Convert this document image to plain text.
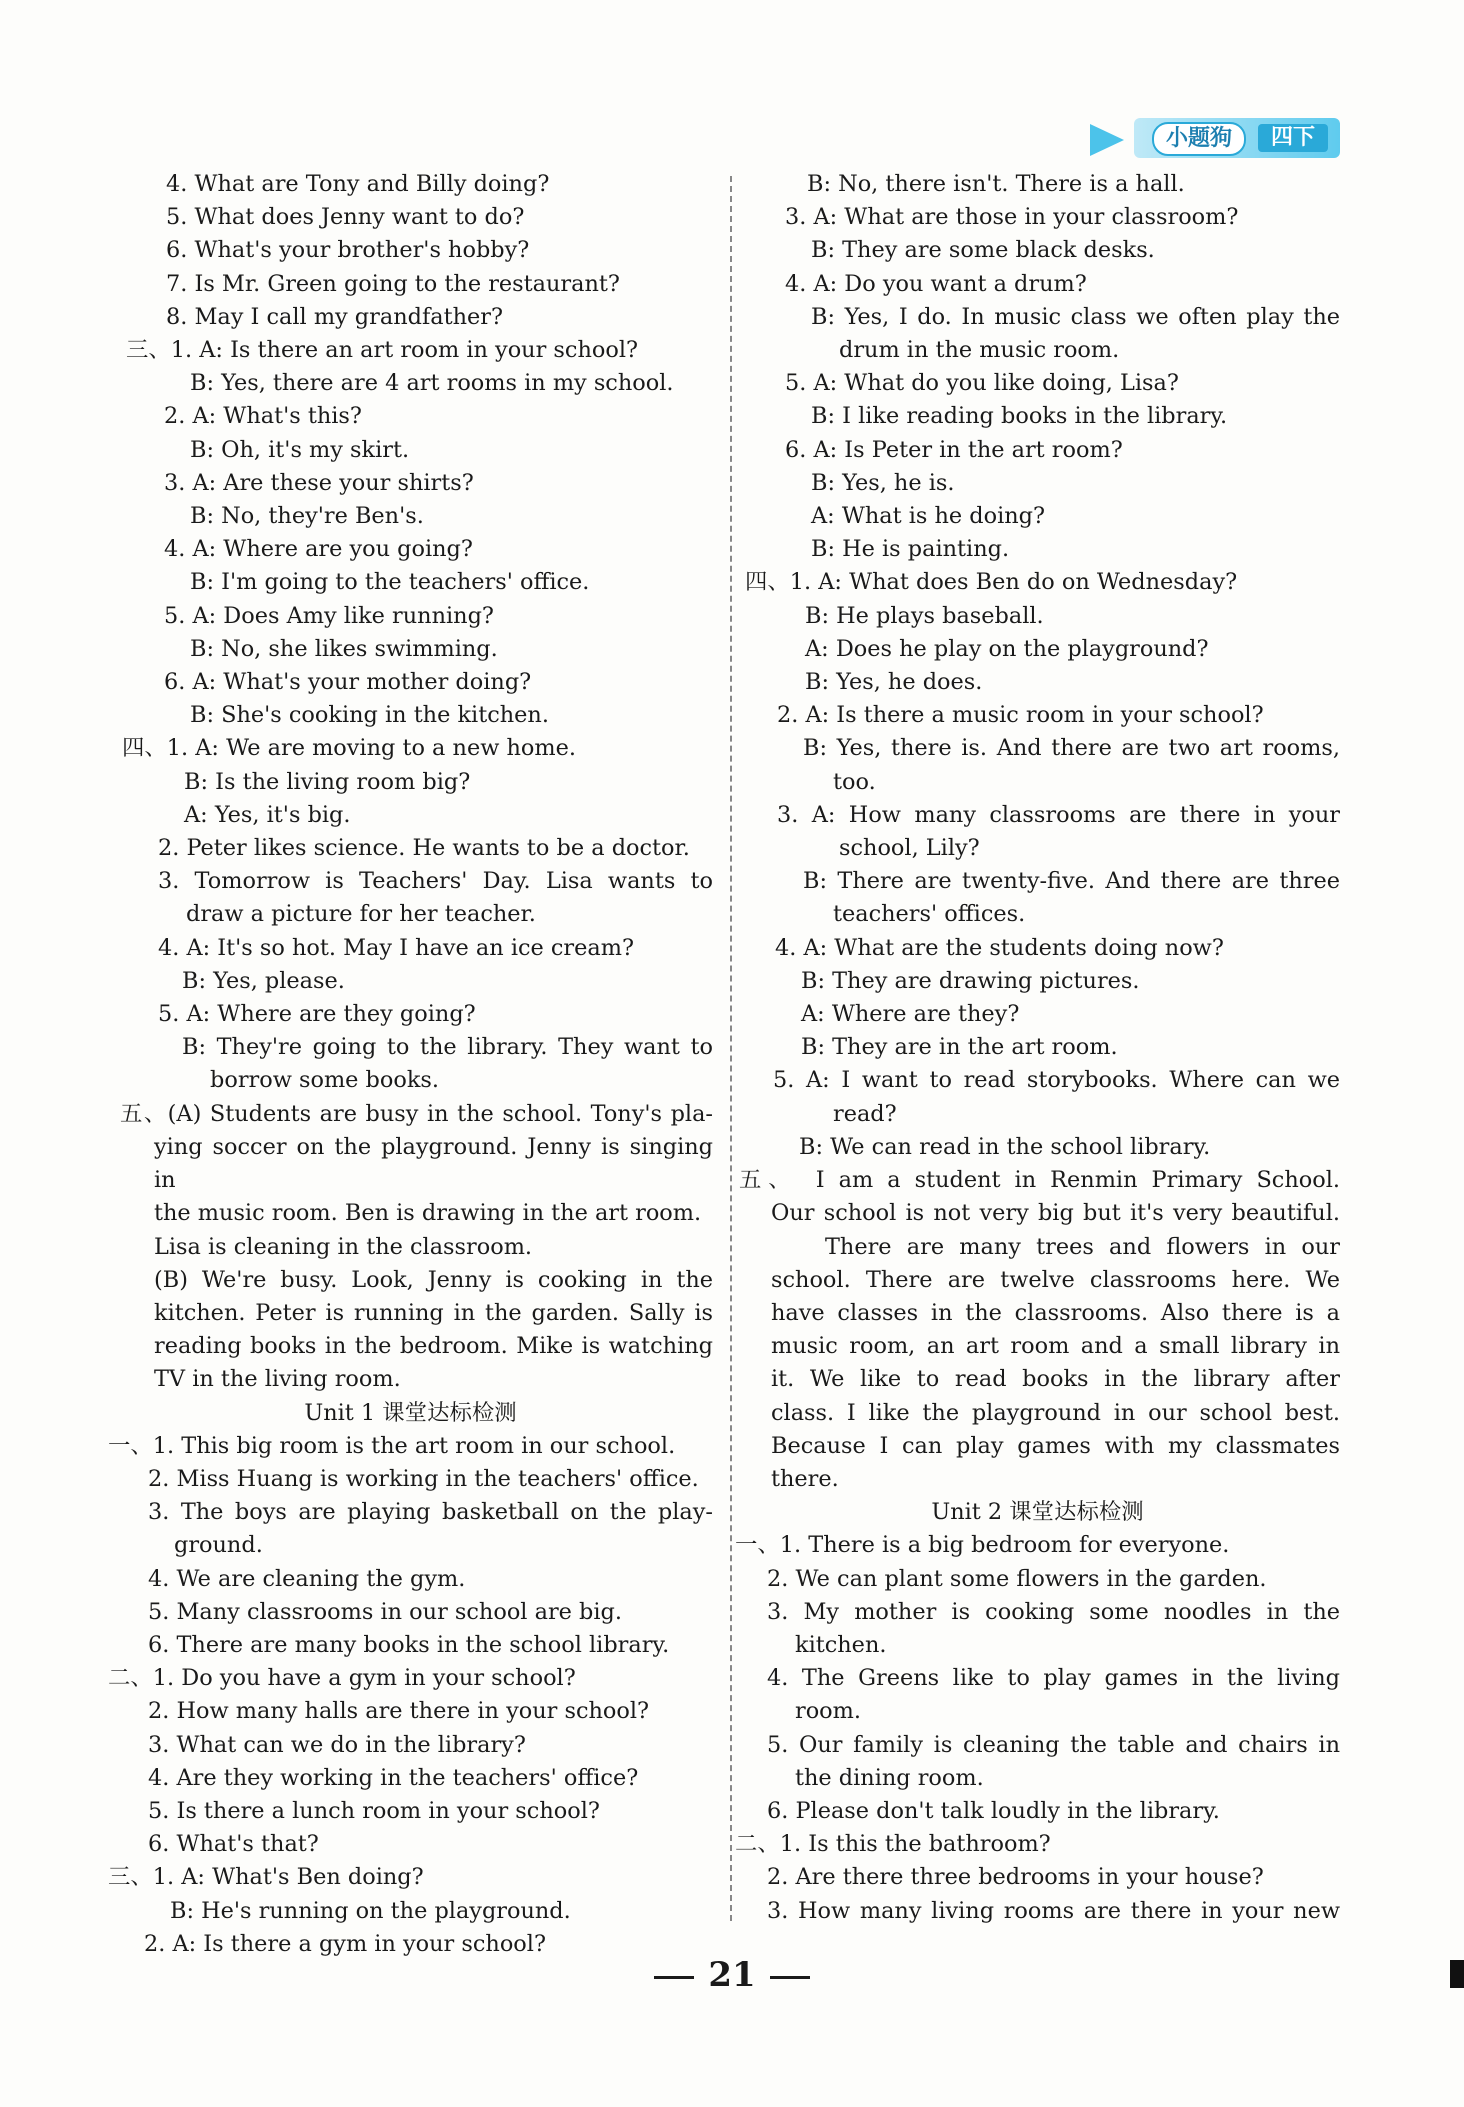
小题狗	四下
4. What are Tony and Billy doing?
5. What does Jenny want to do?
6. What's your brother's hobby?
7. Is Mr. Green going to the restaurant?
8. May I call my grandfather?
三、1. A: Is there an art room in your school?
B: Yes, there are 4 art rooms in my school.
2. A: What's this?
B: Oh, it's my skirt.
3. A: Are these your shirts?
B: No, they're Ben's.
4. A: Where are you going?
B: I'm going to the teachers' office.
5. A: Does Amy like running?
B: No, she likes swimming.
6. A: What's your mother doing?
B: She's cooking in the kitchen.
四、1. A: We are moving to a new home.
B: Is the living room big?
A: Yes, it's big.
2. Peter likes science. He wants to be a doctor.
3. Tomorrow is Teachers' Day. Lisa wants to
draw a picture for her teacher.
4. A: It's so hot. May I have an ice cream?
B: Yes, please.
5. A: Where are they going?
B: They're going to the library. They want to
borrow some books.
五、(A) Students are busy in the school. Tony's pla-
ying soccer on the playground. Jenny is singing in
the music room. Ben is drawing in the art room.
Lisa is cleaning in the classroom.
(B) We're busy. Look, Jenny is cooking in the
kitchen. Peter is running in the garden. Sally is
reading books in the bedroom. Mike is watching
TV in the living room.
Unit 1 课堂达标检测
一、1. This big room is the art room in our school.
2. Miss Huang is working in the teachers' office.
3. The boys are playing basketball on the play-
ground.
4. We are cleaning the gym.
5. Many classrooms in our school are big.
6. There are many books in the school library.
二、1. Do you have a gym in your school?
2. How many halls are there in your school?
3. What can we do in the library?
4. Are they working in the teachers' office?
5. Is there a lunch room in your school?
6. What's that?
三、1. A: What's Ben doing?
B: He's running on the playground.
2. A: Is there a gym in your school?
B: No, there isn't. There is a hall.
3. A: What are those in your classroom?
B: They are some black desks.
4. A: Do you want a drum?
B: Yes, I do. In music class we often play the
drum in the music room.
5. A: What do you like doing, Lisa?
B: I like reading books in the library.
6. A: Is Peter in the art room?
B: Yes, he is.
A: What is he doing?
B: He is painting.
四、1. A: What does Ben do on Wednesday?
B: He plays baseball.
A: Does he play on the playground?
B: Yes, he does.
2. A: Is there a music room in your school?
B: Yes, there is. And there are two art rooms,
too.
3. A: How many classrooms are there in your
school, Lily?
B: There are twenty-five. And there are three
teachers' offices.
4. A: What are the students doing now?
B: They are drawing pictures.
A: Where are they?
B: They are in the art room.
5. A: I want to read storybooks. Where can we
read?
B: We can read in the school library.
五、　I am a student in Renmin Primary School.
Our school is not very big but it's very beautiful.
There are many trees and flowers in our
school. There are twelve classrooms here. We
have classes in the classrooms. Also there is a
music room, an art room and a small library in
it. We like to read books in the library after
class. I like the playground in our school best.
Because I can play games with my classmates
there.
Unit 2 课堂达标检测
一、1. There is a big bedroom for everyone.
2. We can plant some flowers in the garden.
3. My mother is cooking some noodles in the
kitchen.
4. The Greens like to play games in the living
room.
5. Our family is cleaning the table and chairs in
the dining room.
6. Please don't talk loudly in the library.
二、1. Is this the bathroom?
2. Are there three bedrooms in your house?
3. How many living rooms are there in your new
21
